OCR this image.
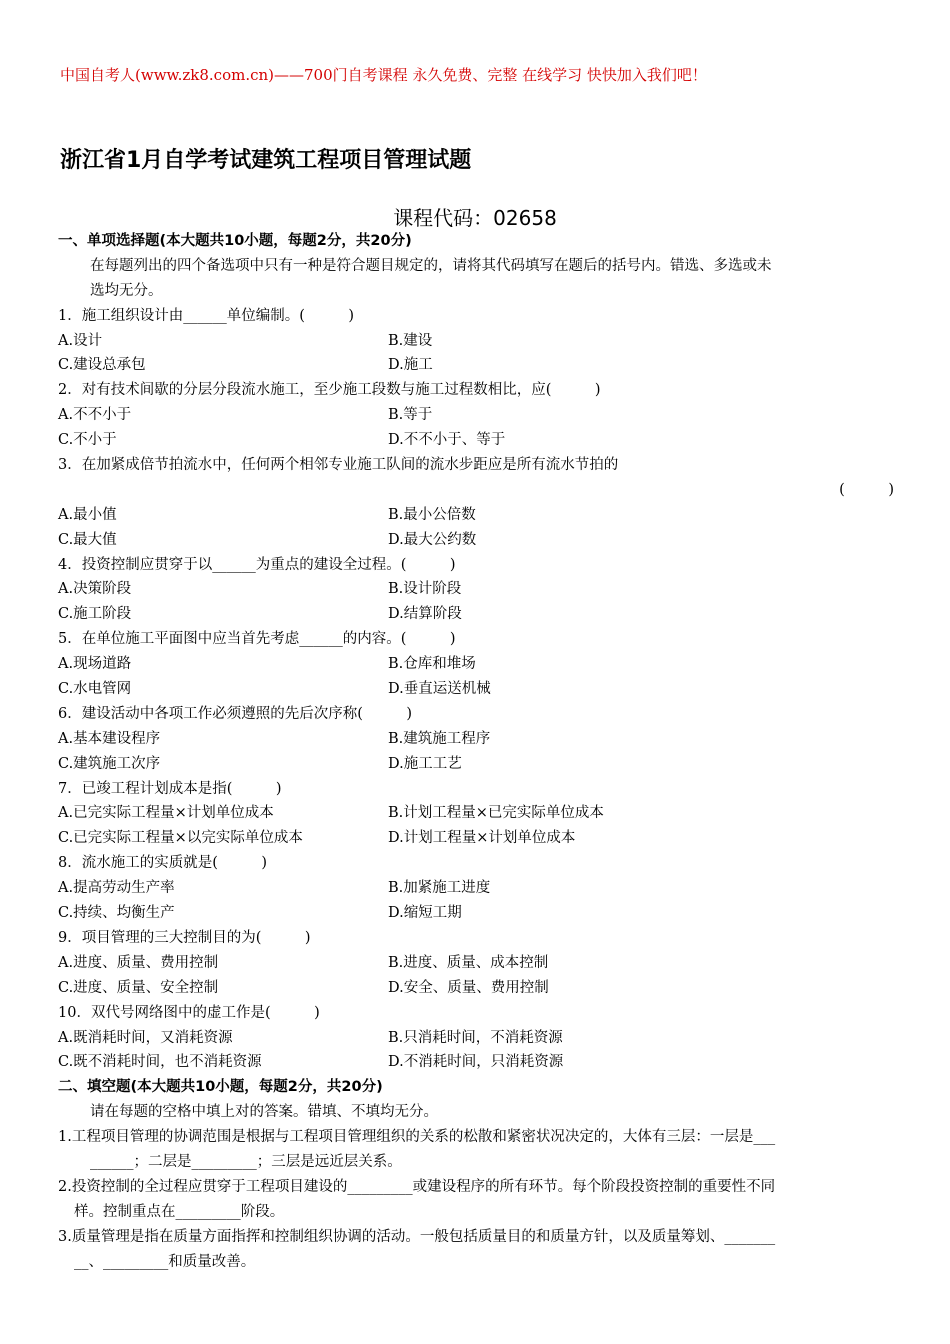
中国自考人(www.zk8.com.cn)——700门自考课程 永久免费、完整 在线学习 快快加入我们吧！
浙江省1月自学考试建筑工程项目管理试题
课程代码：02658
一、单项选择题(本大题共10小题，每题2分，共20分)
在每题列出的四个备选项中只有一种是符合题目规定的，请将其代码填写在题后的括号内。错选、多选或未
选均无分。
1．施工组织设计由______单位编制。(　　　)
A.设计	B.建设
C.建设总承包	D.施工
2．对有技术间歇的分层分段流水施工，至少施工段数与施工过程数相比，应(　　　)
A.不不小于	B.等于
C.不小于	D.不不小于、等于
3．在加紧成倍节拍流水中，任何两个相邻专业施工队间的流水步距应是所有流水节拍的
(　　　)
A.最小值	B.最小公倍数
C.最大值	D.最大公约数
4．投资控制应贯穿于以______为重点的建设全过程。(　　　)
A.决策阶段	B.设计阶段
C.施工阶段	D.结算阶段
5．在单位施工平面图中应当首先考虑______的内容。(　　　)
A.现场道路	B.仓库和堆场
C.水电管网	D.垂直运送机械
6．建设活动中各项工作必须遵照的先后次序称(　　　)
A.基本建设程序	B.建筑施工程序
C.建筑施工次序	D.施工工艺
7．已竣工程计划成本是指(　　　)
A.已完实际工程量×计划单位成本	B.计划工程量×已完实际单位成本
C.已完实际工程量×以完实际单位成本	D.计划工程量×计划单位成本
8．流水施工的实质就是(　　　)
A.提高劳动生产率	B.加紧施工进度
C.持续、均衡生产	D.缩短工期
9．项目管理的三大控制目的为(　　　)
A.进度、质量、费用控制	B.进度、质量、成本控制
C.进度、质量、安全控制	D.安全、质量、费用控制
10．双代号网络图中的虚工作是(　　　)
A.既消耗时间，又消耗资源	B.只消耗时间，不消耗资源
C.既不消耗时间，也不消耗资源	D.不消耗时间，只消耗资源
二、填空题(本大题共10小题，每题2分，共20分)
请在每题的空格中填上对的答案。错填、不填均无分。
1.工程项目管理的协调范围是根据与工程项目管理组织的关系的松散和紧密状况决定的，大体有三层：一层是___
______；二层是_________；三层是远近层关系。
2.投资控制的全过程应贯穿于工程项目建设的_________或建设程序的所有环节。每个阶段投资控制的重要性不同
样。控制重点在_________阶段。
3.质量管理是指在质量方面指挥和控制组织协调的活动。一般包括质量目的和质量方针，以及质量筹划、_______
__、_________和质量改善。
